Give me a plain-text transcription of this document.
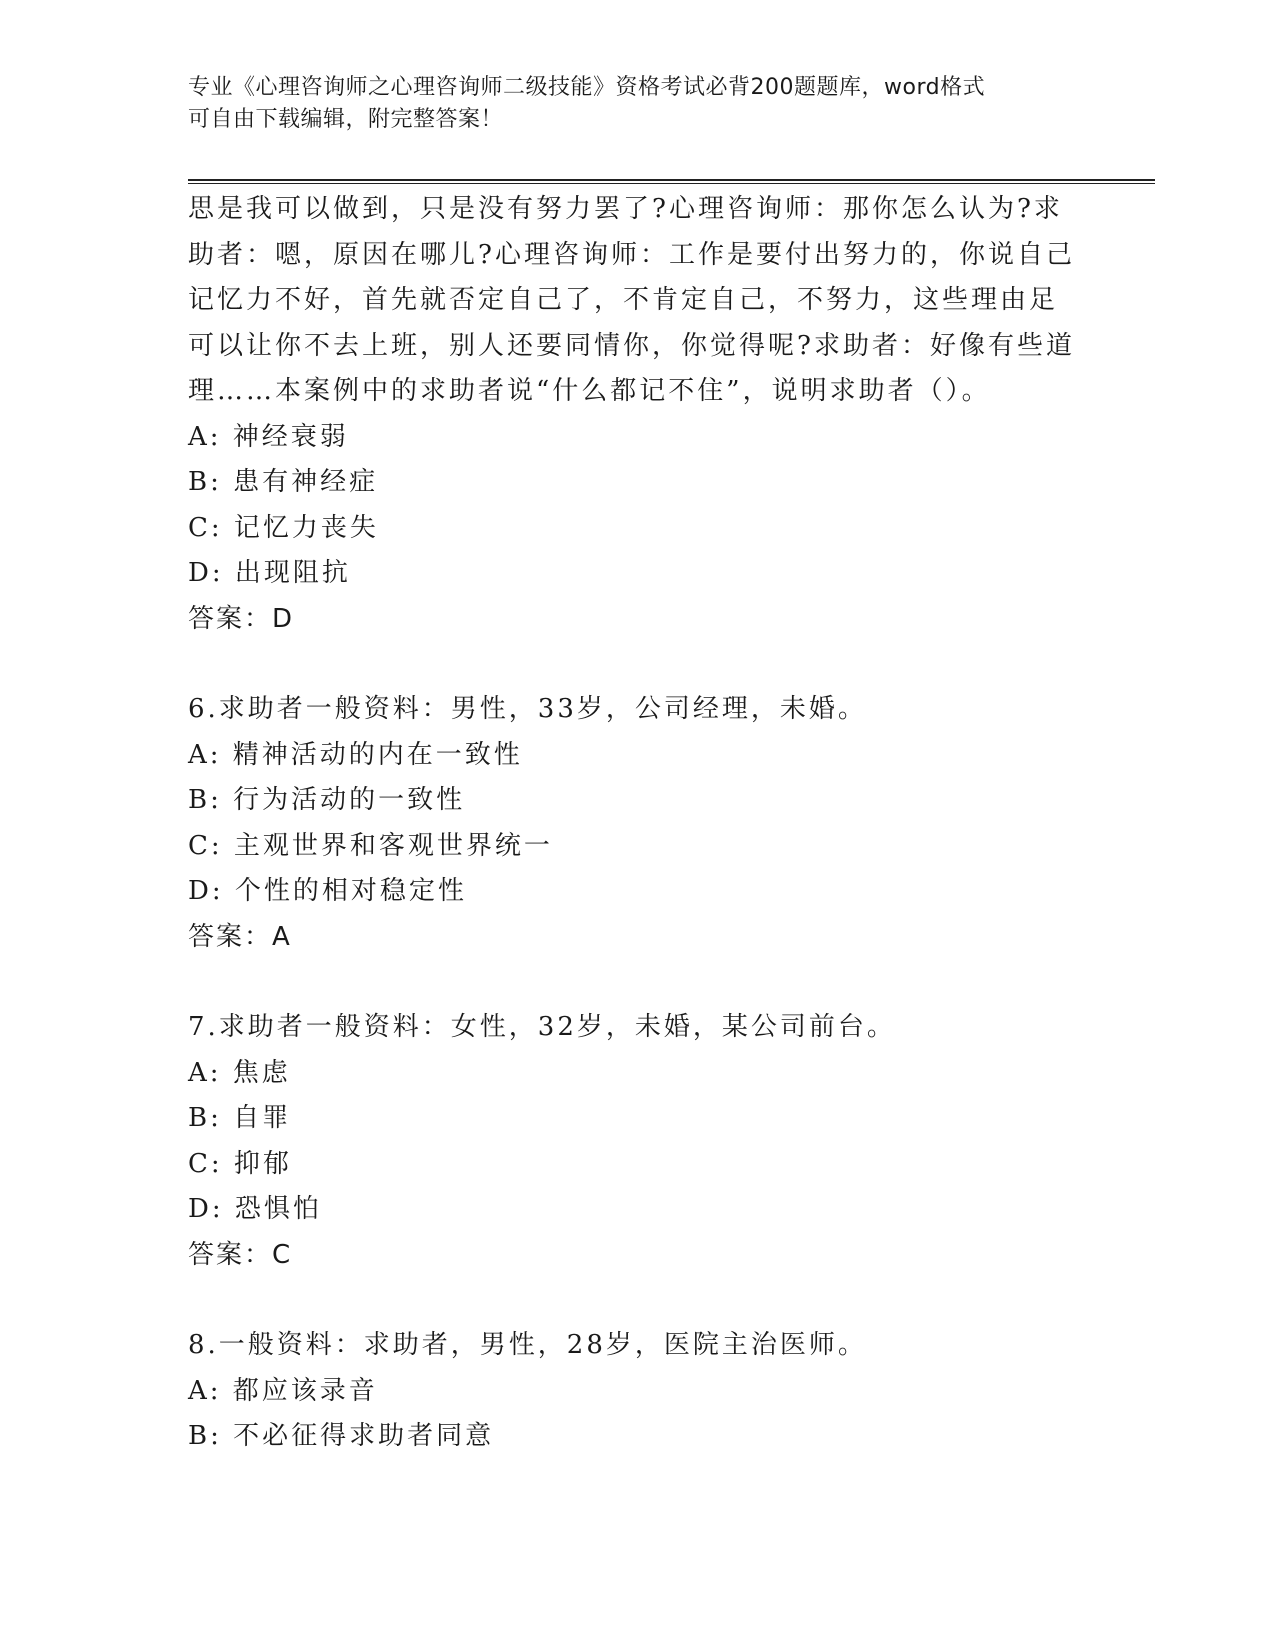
专业《心理咨询师之心理咨询师二级技能》资格考试必背200题题库，word格式
可自由下载编辑，附完整答案！

思是我可以做到，只是没有努力罢了?心理咨询师：那你怎么认为?求

助者：嗯，原因在哪儿?心理咨询师：工作是要付出努力的，你说自己

记忆力不好，首先就否定自己了，不肯定自己，不努力，这些理由足

可以让你不去上班，别人还要同情你，你觉得呢?求助者：好像有些道

理……本案例中的求助者说“什么都记不住”，说明求助者（）。

A: 神经衰弱

B: 患有神经症

C: 记忆力丧失

D: 出现阻抗

答案：D

6.求助者一般资料：男性，33岁，公司经理，未婚。

A: 精神活动的内在一致性

B: 行为活动的一致性

C: 主观世界和客观世界统一

D: 个性的相对稳定性

答案：A

7.求助者一般资料：女性，32岁，未婚，某公司前台。

A: 焦虑

B: 自罪

C: 抑郁

D: 恐惧怕

答案：C

8.一般资料：求助者，男性，28岁，医院主治医师。

A: 都应该录音

B: 不必征得求助者同意
